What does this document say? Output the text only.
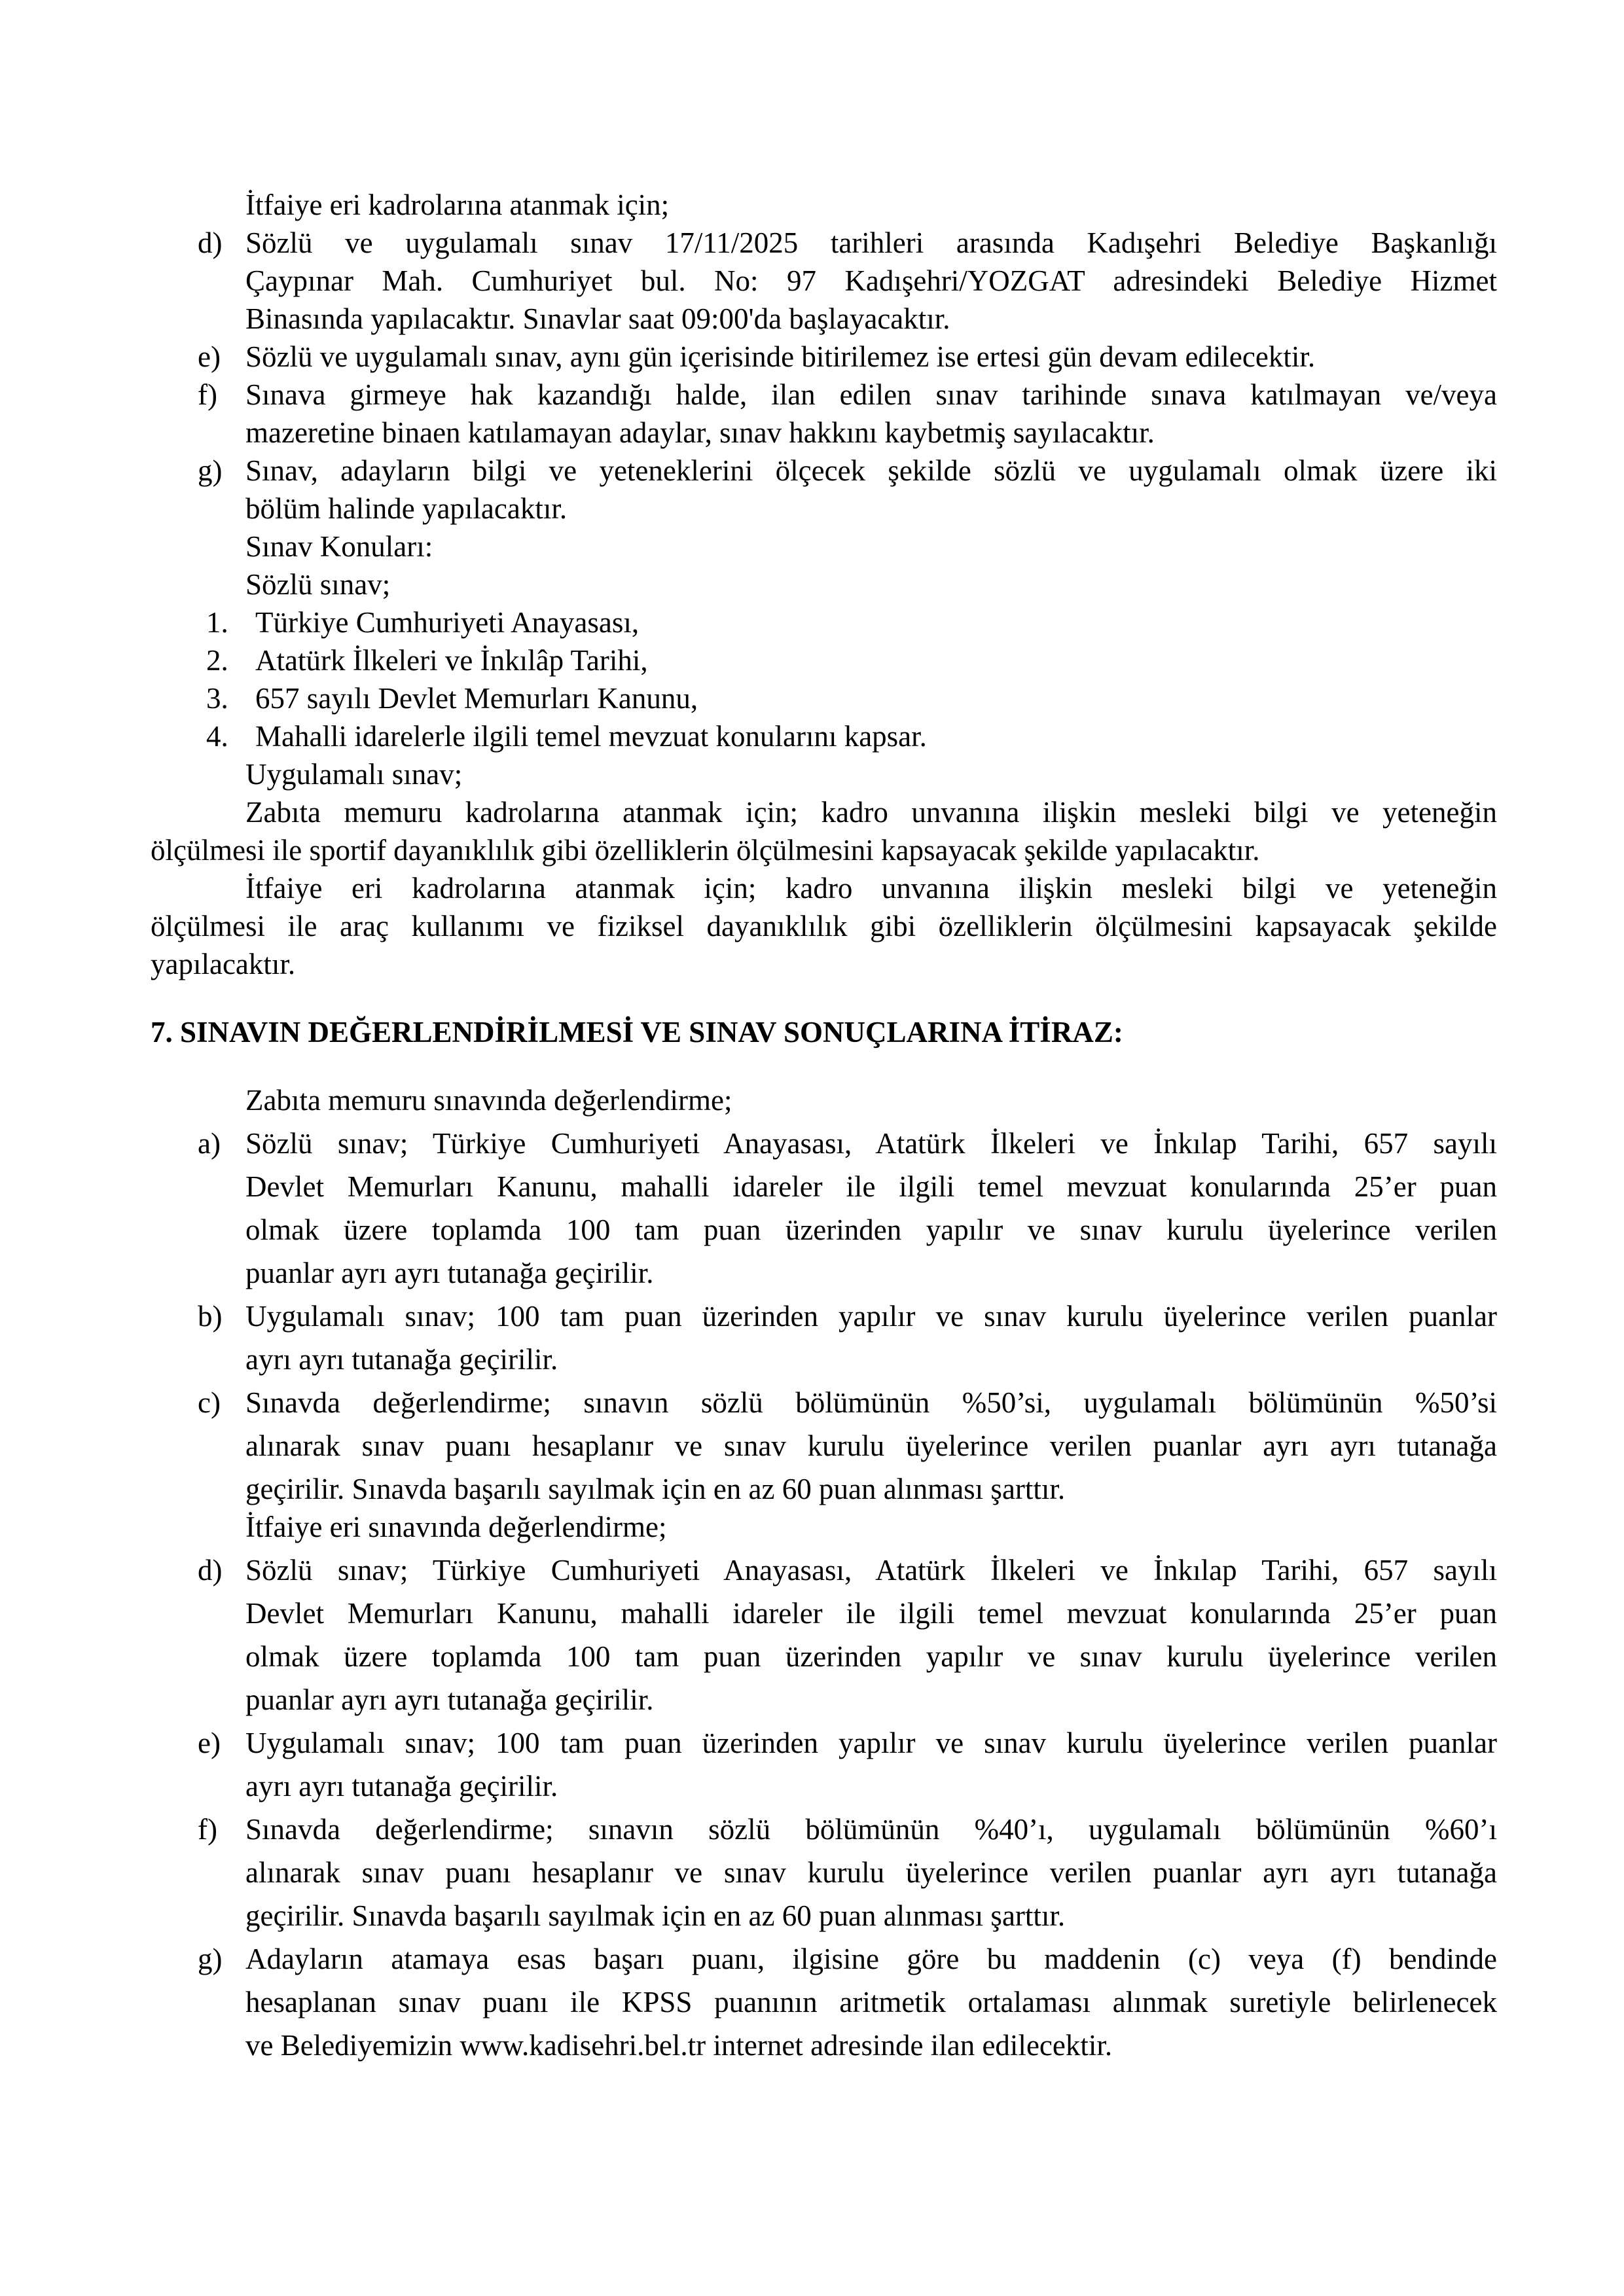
İtfaiye eri kadrolarına atanmak için;
d) Sözlü ve uygulamalı sınav 17/11/2025 tarihleri arasında Kadışehri Belediye Başkanlığı
Çaypınar Mah. Cumhuriyet bul. No: 97 Kadışehri/YOZGAT adresindeki Belediye Hizmet
Binasında yapılacaktır. Sınavlar saat 09:00'da başlayacaktır.
e) Sözlü ve uygulamalı sınav, aynı gün içerisinde bitirilemez ise ertesi gün devam edilecektir.
f) Sınava girmeye hak kazandığı halde, ilan edilen sınav tarihinde sınava katılmayan ve/veya
mazeretine binaen katılamayan adaylar, sınav hakkını kaybetmiş sayılacaktır.
g) Sınav, adayların bilgi ve yeteneklerini ölçecek şekilde sözlü ve uygulamalı olmak üzere iki
bölüm halinde yapılacaktır.
Sınav Konuları:
Sözlü sınav;
1. Türkiye Cumhuriyeti Anayasası,
2. Atatürk İlkeleri ve İnkılâp Tarihi,
3. 657 sayılı Devlet Memurları Kanunu,
4. Mahalli idarelerle ilgili temel mevzuat konularını kapsar.
Uygulamalı sınav;
Zabıta memuru kadrolarına atanmak için; kadro unvanına ilişkin mesleki bilgi ve yeteneğin
ölçülmesi ile sportif dayanıklılık gibi özelliklerin ölçülmesini kapsayacak şekilde yapılacaktır.
İtfaiye eri kadrolarına atanmak için; kadro unvanına ilişkin mesleki bilgi ve yeteneğin
ölçülmesi ile araç kullanımı ve fiziksel dayanıklılık gibi özelliklerin ölçülmesini kapsayacak şekilde
yapılacaktır.
7. SINAVIN DEĞERLENDİRİLMESİ VE SINAV SONUÇLARINA İTİRAZ:
Zabıta memuru sınavında değerlendirme;
a) Sözlü sınav; Türkiye Cumhuriyeti Anayasası, Atatürk İlkeleri ve İnkılap Tarihi, 657 sayılı
Devlet Memurları Kanunu, mahalli idareler ile ilgili temel mevzuat konularında 25’er puan
olmak üzere toplamda 100 tam puan üzerinden yapılır ve sınav kurulu üyelerince verilen
puanlar ayrı ayrı tutanağa geçirilir.
b) Uygulamalı sınav; 100 tam puan üzerinden yapılır ve sınav kurulu üyelerince verilen puanlar
ayrı ayrı tutanağa geçirilir.
c) Sınavda değerlendirme; sınavın sözlü bölümünün %50’si, uygulamalı bölümünün %50’si
alınarak sınav puanı hesaplanır ve sınav kurulu üyelerince verilen puanlar ayrı ayrı tutanağa
geçirilir. Sınavda başarılı sayılmak için en az 60 puan alınması şarttır.
İtfaiye eri sınavında değerlendirme;
d) Sözlü sınav; Türkiye Cumhuriyeti Anayasası, Atatürk İlkeleri ve İnkılap Tarihi, 657 sayılı
Devlet Memurları Kanunu, mahalli idareler ile ilgili temel mevzuat konularında 25’er puan
olmak üzere toplamda 100 tam puan üzerinden yapılır ve sınav kurulu üyelerince verilen
puanlar ayrı ayrı tutanağa geçirilir.
e) Uygulamalı sınav; 100 tam puan üzerinden yapılır ve sınav kurulu üyelerince verilen puanlar
ayrı ayrı tutanağa geçirilir.
f) Sınavda değerlendirme; sınavın sözlü bölümünün %40’ı, uygulamalı bölümünün %60’ı
alınarak sınav puanı hesaplanır ve sınav kurulu üyelerince verilen puanlar ayrı ayrı tutanağa
geçirilir. Sınavda başarılı sayılmak için en az 60 puan alınması şarttır.
g) Adayların atamaya esas başarı puanı, ilgisine göre bu maddenin (c) veya (f) bendinde
hesaplanan sınav puanı ile KPSS puanının aritmetik ortalaması alınmak suretiyle belirlenecek
ve Belediyemizin www.kadisehri.bel.tr internet adresinde ilan edilecektir.
